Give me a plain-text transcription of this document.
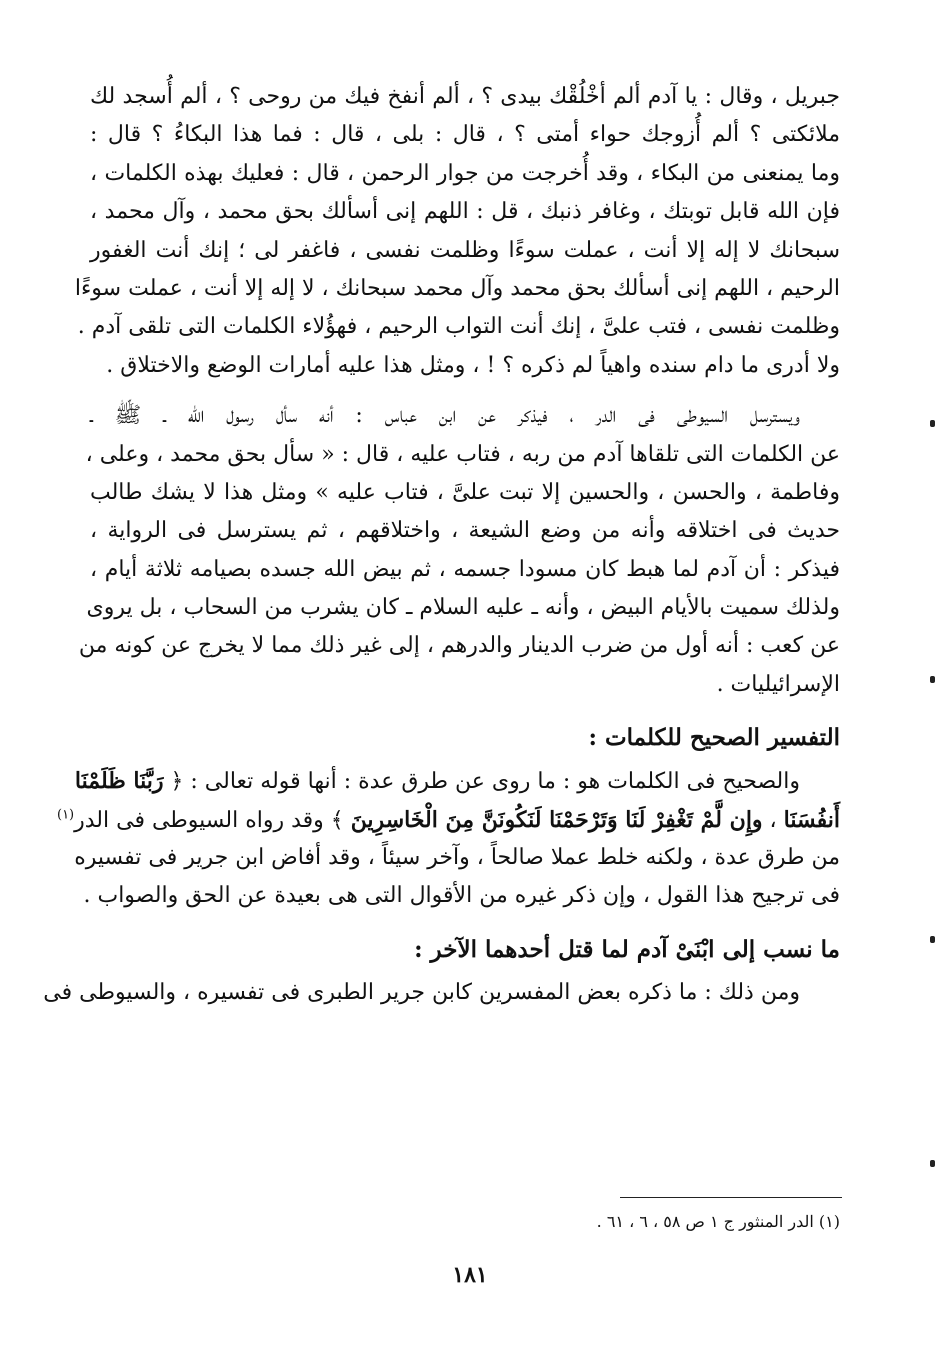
جبريل ، وقال : يا آدم ألم أخْلُقْك بيدى ؟ ، ألم أنفخ فيك من روحى ؟ ، ألم أُسجد لك
ملائكتى ؟ ألم أُزوجك حواء أمتى ؟ ، قال : بلى ، قال : فما هذا البكاءُ ؟ قال :
وما يمنعنى من البكاء ، وقد أُخرجت من جوار الرحمن ، قال : فعليك بهذه الكلمات ،
فإن الله قابل توبتك ، وغافر ذنبك ، قل : اللهم إنى أسألك بحق محمد ، وآل محمد ،
سبحانك لا إله إلا أنت ، عملت سوءًا وظلمت نفسى ، فاغفر لى ؛ إنك أنت الغفور
الرحيم ، اللهم إنى أسألك بحق محمد وآل محمد سبحانك ، لا إله إلا أنت ، عملت سوءًا
وظلمت نفسى ، فتب علىَّ ، إنك أنت التواب الرحيم ، فهؤُلاء الكلمات التى تلقى آدم .
ولا أدرى ما دام سنده واهياً لم ذكره ؟ ! ، ومثل هذا عليه أمارات الوضع والاختلاق .
ويسترسل السيوطى فى الدر ، فيذكر عن ابن عباس : أنه سأل رسول الله ـ ﷺ ـ
عن الكلمات التى تلقاها آدم من ربه ، فتاب عليه ، قال : « سأل بحق محمد ، وعلى ،
وفاطمة ، والحسن ، والحسين إلا تبت علىَّ ، فتاب عليه » ومثل هذا لا يشك طالب
حديث فى اختلاقه وأنه من وضع الشيعة ، واختلاقهم ، ثم يسترسل فى الرواية ،
فيذكر : أن آدم لما هبط كان مسودا جسمه ، ثم بيض الله جسده بصيامه ثلاثة أيام ،
ولذلك سميت بالأيام البيض ، وأنه ـ عليه السلام ـ كان يشرب من السحاب ، بل يروى
عن كعب : أنه أول من ضرب الدينار والدرهم ، إلى غير ذلك مما لا يخرج عن كونه من
الإسرائيليات .
التفسير الصحيح للكلمات :
والصحيح فى الكلمات هو : ما روى عن طرق عدة : أنها قوله تعالى : ﴿ رَبَّنَا ظَلَمْنَا
أَنفُسَنَا ، وإِن لَّمْ تَغْفِرْ لَنَا وَتَرْحَمْنَا لَنَكُونَنَّ مِنَ الْخَاسِرِينَ ﴾ وقد رواه السيوطى فى الدر$^{(١)}$
من طرق عدة ، ولكنه خلط عملا صالحاً ، وآخر سيئاً ، وقد أفاض ابن جرير فى تفسيره
فى ترجيح هذا القول ، وإن ذكر غيره من الأقوال التى هى بعيدة عن الحق والصواب .
ما نسب إلى ابْنَىْ آدم لما قتل أحدهما الآخر :
ومن ذلك : ما ذكره بعض المفسرين كابن جرير الطبرى فى تفسيره ، والسيوطى فى
(١) الدر المنثور ج ١ ص ٥٨ ، ٦ ، ٦١ .
١٨١
